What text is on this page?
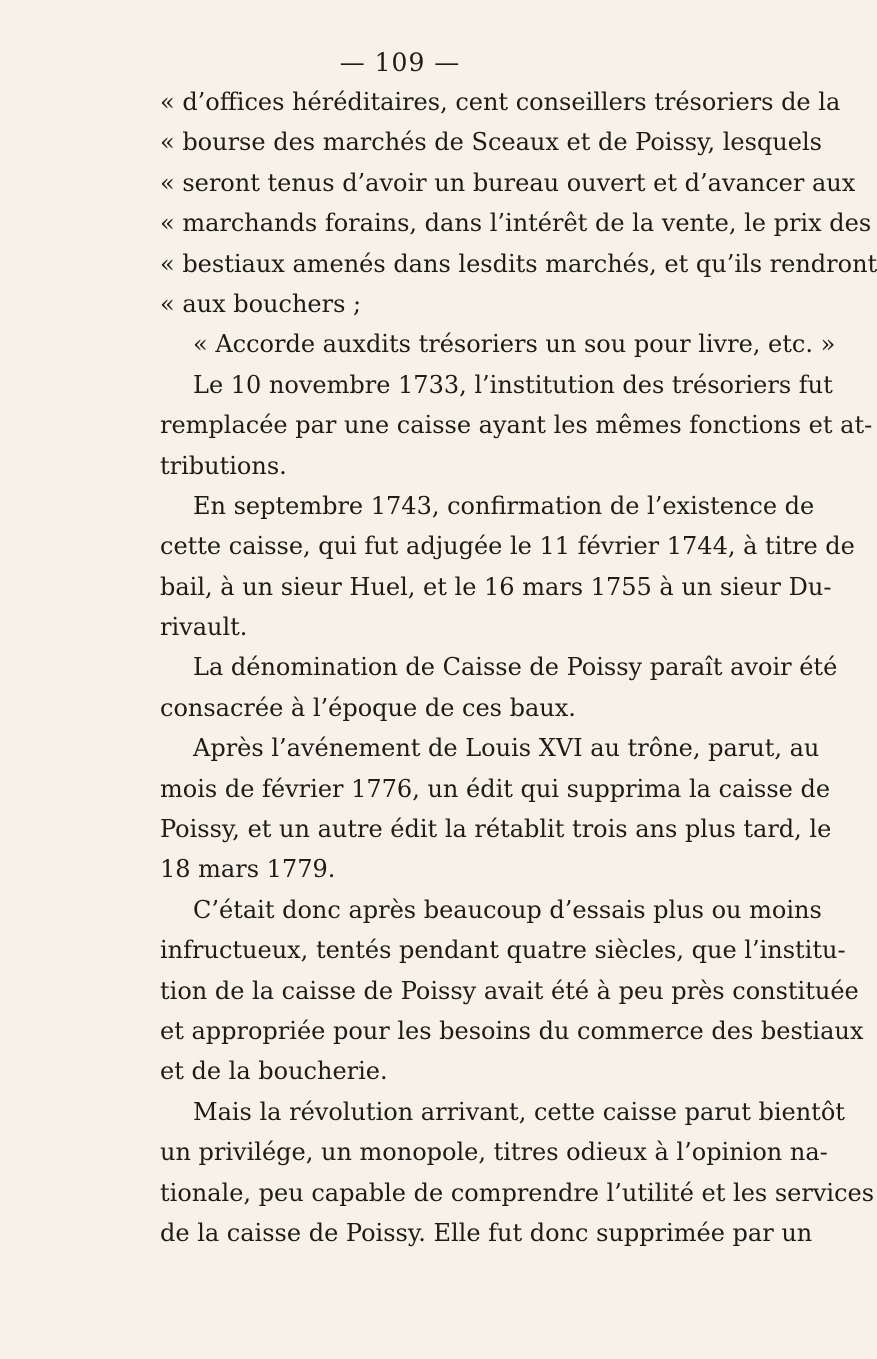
— 109 —
« d’offices héréditaires, cent conseillers trésoriers de la
« bourse des marchés de Sceaux et de Poissy, lesquels
« seront tenus d’avoir un bureau ouvert et d’avancer aux
« marchands forains, dans l’intérêt de la vente, le prix des
« bestiaux amenés dans lesdits marchés, et qu’ils rendront
« aux bouchers ;
« Accorde auxdits trésoriers un sou pour livre, etc. »
Le 10 novembre 1733, l’institution des trésoriers fut
remplacée par une caisse ayant les mêmes fonctions et at-
tributions.
En septembre 1743, confirmation de l’existence de
cette caisse, qui fut adjugée le 11 février 1744, à titre de
bail, à un sieur Huel, et le 16 mars 1755 à un sieur Du-
rivault.
La dénomination de Caisse de Poissy paraît avoir été
consacrée à l’époque de ces baux.
Après l’avénement de Louis XVI au trône, parut, au
mois de février 1776, un édit qui supprima la caisse de
Poissy, et un autre édit la rétablit trois ans plus tard, le
18 mars 1779.
C’était donc après beaucoup d’essais plus ou moins
infructueux, tentés pendant quatre siècles, que l’institu-
tion de la caisse de Poissy avait été à peu près constituée
et appropriée pour les besoins du commerce des bestiaux
et de la boucherie.
Mais la révolution arrivant, cette caisse parut bientôt
un privilége, un monopole, titres odieux à l’opinion na-
tionale, peu capable de comprendre l’utilité et les services
de la caisse de Poissy. Elle fut donc supprimée par un
